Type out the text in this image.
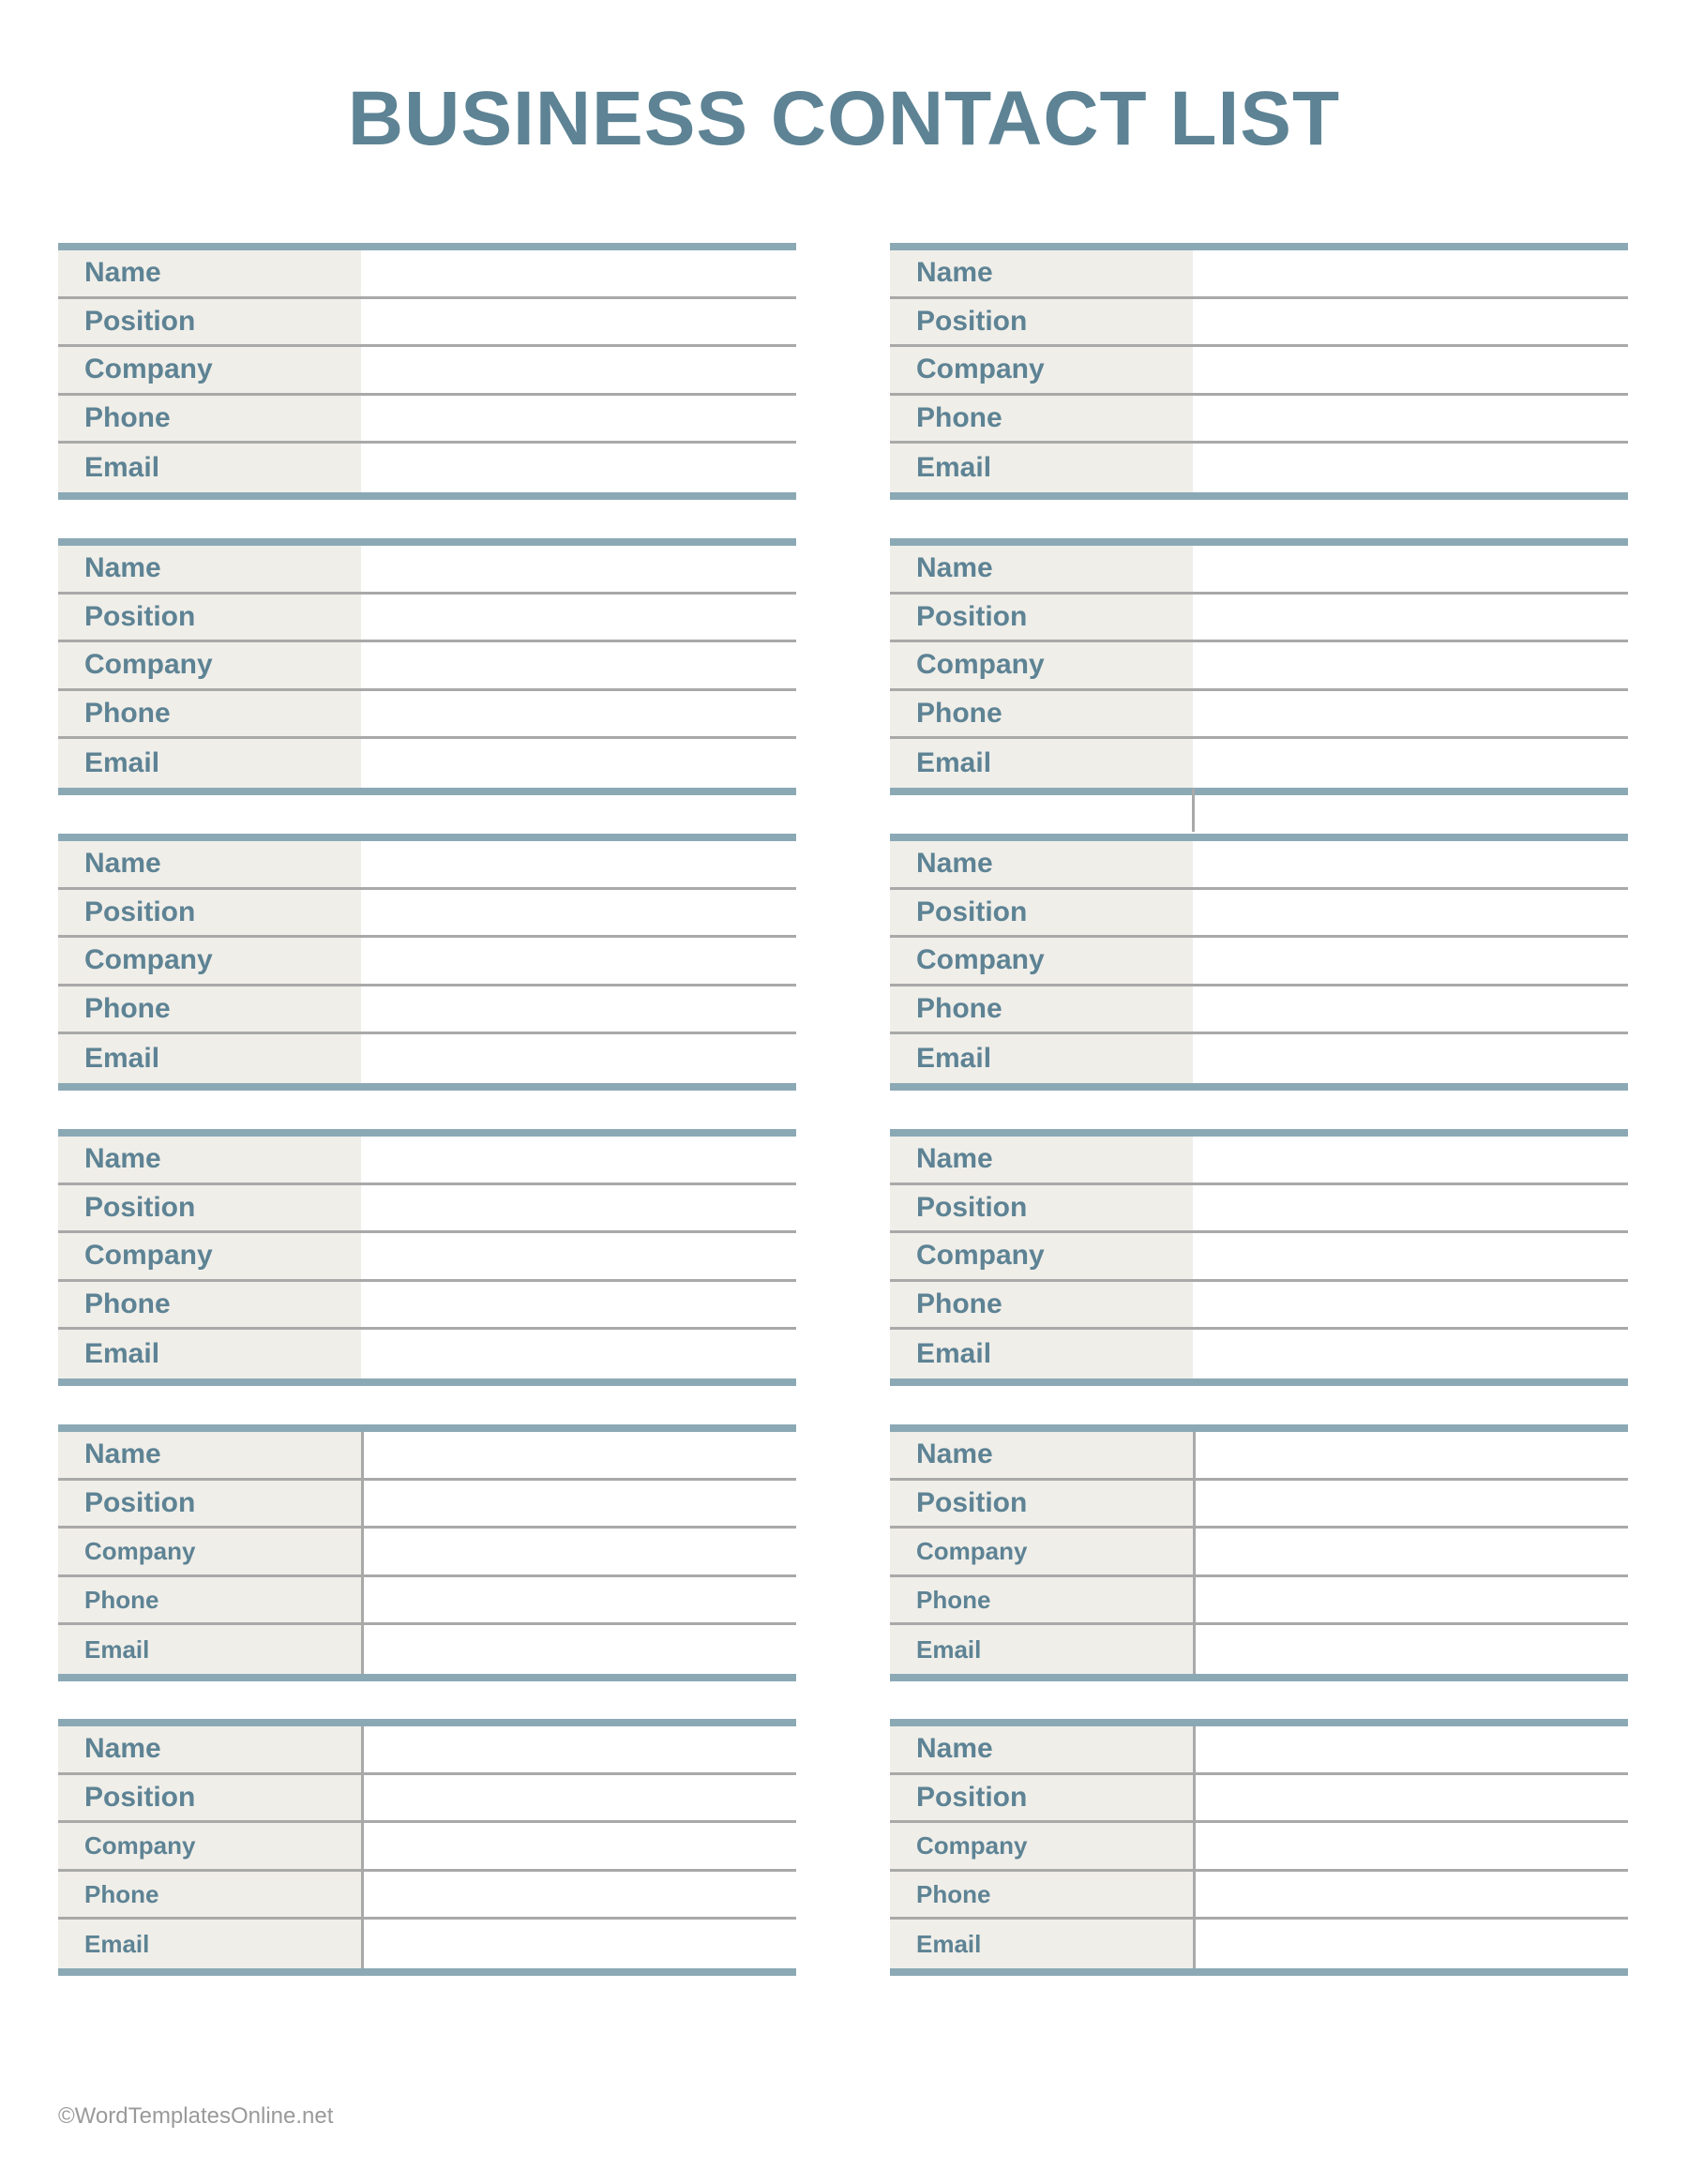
BUSINESS CONTACT LIST
Name
Position
Company
Phone
Email
Name
Position
Company
Phone
Email
Name
Position
Company
Phone
Email
Name
Position
Company
Phone
Email
Name
Position
Company
Phone
Email
Name
Position
Company
Phone
Email
Name
Position
Company
Phone
Email
Name
Position
Company
Phone
Email
Name
Position
Company
Phone
Email
Name
Position
Company
Phone
Email
Name
Position
Company
Phone
Email
Name
Position
Company
Phone
Email
©WordTemplatesOnline.net
